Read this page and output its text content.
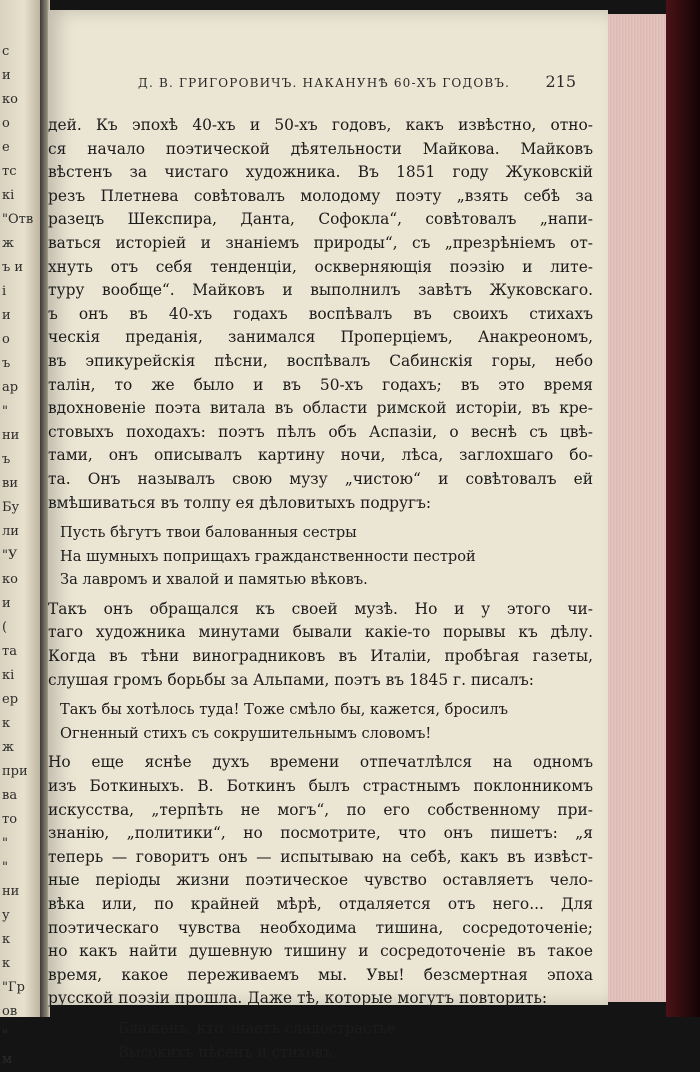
с
и
ко
о
е
тс
кі
"Отв
ж
ъ и
і
и
о
ъ
ар
"
ни
ъ
ви
Бу
ли
"У
ко
и
(
та
кі
ер
к
ж
при
ва
то
"
"
ни
у
к
к
"Гр
ов
"
м
Д. В. ГРИГОРОВИЧЪ. НАКАНУНѢ 60-ХЪ ГОДОВЪ. 215
дей. Къ эпохѣ 40-хъ и 50-хъ годовъ, какъ извѣстно, отно-
ся начало поэтической дѣятельности Майкова. Майковъ
вѣстенъ за чистаго художника. Въ 1851 году Жуковскій
резъ Плетнева совѣтовалъ молодому поэту „взять себѣ за
разецъ Шекспира, Данта, Софокла“, совѣтовалъ „напи-
ваться исторіей и знаніемъ природы“, съ „презрѣніемъ от-
хнуть отъ себя тенденціи, оскверняющія поэзію и лите-
туру вообще“. Майковъ и выполнилъ завѣтъ Жуковскаго.
ъ онъ въ 40-хъ годахъ воспѣвалъ въ своихъ стихахъ
ческія преданія, занимался Проперціемъ, Анакреономъ,
въ эпикурейскія пѣсни, воспѣвалъ Сабинскія горы, небо
талін, то же было и въ 50-хъ годахъ; въ это время
вдохновеніе поэта витала въ области римской исторіи, въ кре-
стовыхъ походахъ: поэтъ пѣлъ объ Аспазіи, о веснѣ съ цвѣ-
тами, онъ описывалъ картину ночи, лѣса, заглохшаго бо-
та. Онъ называлъ свою музу „чистою“ и совѣтовалъ ей
вмѣшиваться въ толпу ея дѣловитыхъ подругъ:
Пусть бѣгутъ твои балованныя сестры
На шумныхъ поприщахъ гражданственности пестрой
За лавромъ и хвалой и памятью вѣковъ.
Такъ онъ обращался къ своей музѣ. Но и у этого чи-
таго художника минутами бывали какіе-то порывы къ дѣлу.
Когда въ тѣни виноградниковъ въ Италіи, пробѣгая газеты,
слушая громъ борьбы за Альпами, поэтъ въ 1845 г. писалъ:
Такъ бы хотѣлось туда! Тоже смѣло бы, кажется, бросилъ
Огненный стихъ съ сокрушительнымъ словомъ!
Но еще яснѣе духъ времени отпечатлѣлся на одномъ
изъ Боткиныхъ. В. Боткинъ былъ страстнымъ поклонникомъ
искусства, „терпѣть не могъ“, по его собственному при-
знанію, „политики“, но посмотрите, что онъ пишетъ: „я
теперь — говоритъ онъ — испытываю на себѣ, какъ въ извѣст-
ные періоды жизни поэтическое чувство оставляетъ чело-
вѣка или, по крайней мѣрѣ, отдаляется отъ него... Для
поэтическаго чувства необходима тишина, сосредоточеніе;
но какъ найти душевную тишину и сосредоточеніе въ такое
время, какое переживаемъ мы. Увы! безсмертная эпоха
русской поэзіи прошла. Даже тѣ, которые могутъ повторить:
Блаженъ, кто знаетъ сладострастье
Высокихъ пѣсенъ и стиховъ,
